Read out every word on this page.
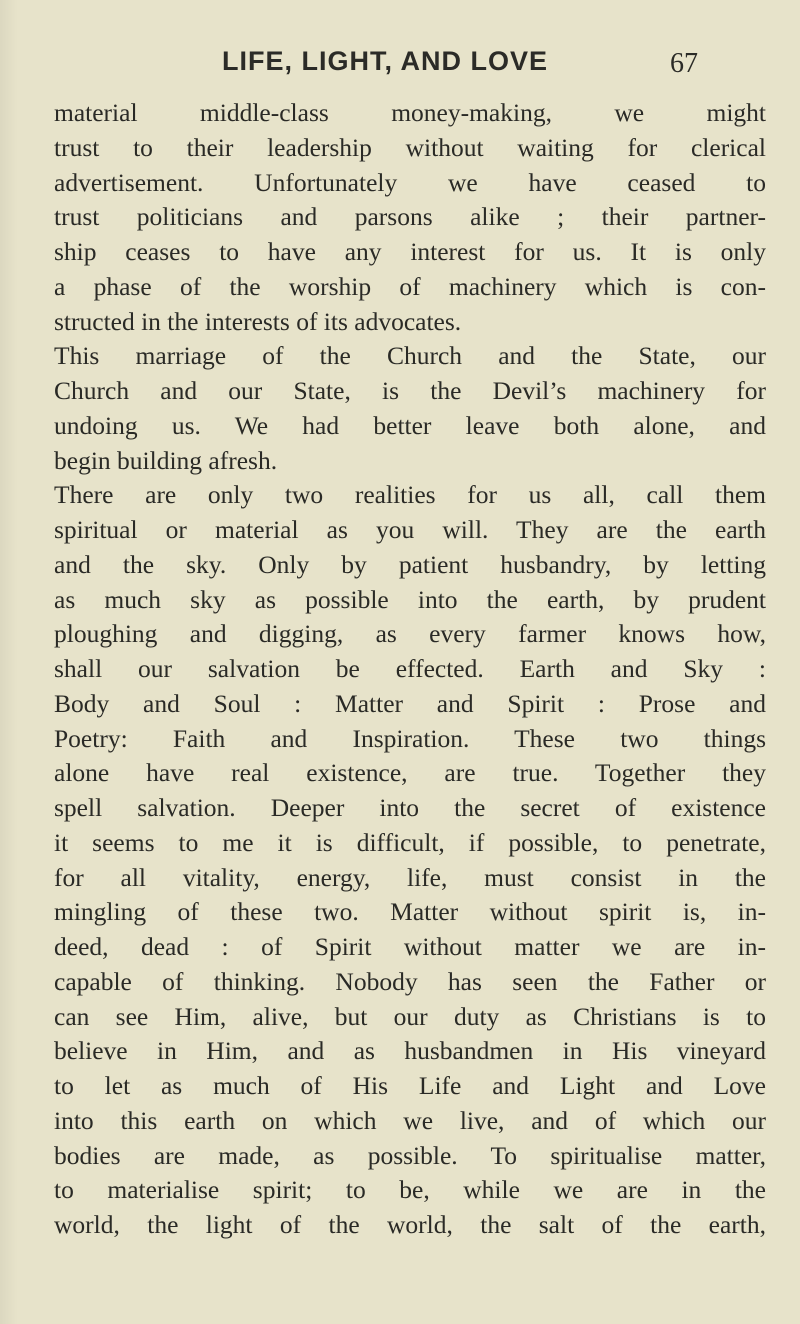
LIFE, LIGHT, AND LOVE	67
material middle-class money-making, we might
trust to their leadership without waiting for clerical
advertisement. Unfortunately we have ceased to
trust politicians and parsons alike ; their partner-
ship ceases to have any interest for us. It is only
a phase of the worship of machinery which is con-
structed in the interests of its advocates.
This marriage of the Church and the State, our
Church and our State, is the Devil’s machinery for
undoing us. We had better leave both alone, and
begin building afresh.
There are only two realities for us all, call them
spiritual or material as you will. They are the earth
and the sky. Only by patient husbandry, by letting
as much sky as possible into the earth, by prudent
ploughing and digging, as every farmer knows how,
shall our salvation be effected. Earth and Sky :
Body and Soul : Matter and Spirit : Prose and
Poetry: Faith and Inspiration. These two things
alone have real existence, are true. Together they
spell salvation. Deeper into the secret of existence
it seems to me it is difficult, if possible, to penetrate,
for all vitality, energy, life, must consist in the
mingling of these two. Matter without spirit is, in-
deed, dead : of Spirit without matter we are in-
capable of thinking. Nobody has seen the Father or
can see Him, alive, but our duty as Christians is to
believe in Him, and as husbandmen in His vineyard
to let as much of His Life and Light and Love
into this earth on which we live, and of which our
bodies are made, as possible. To spiritualise matter,
to materialise spirit; to be, while we are in the
world, the light of the world, the salt of the earth,
